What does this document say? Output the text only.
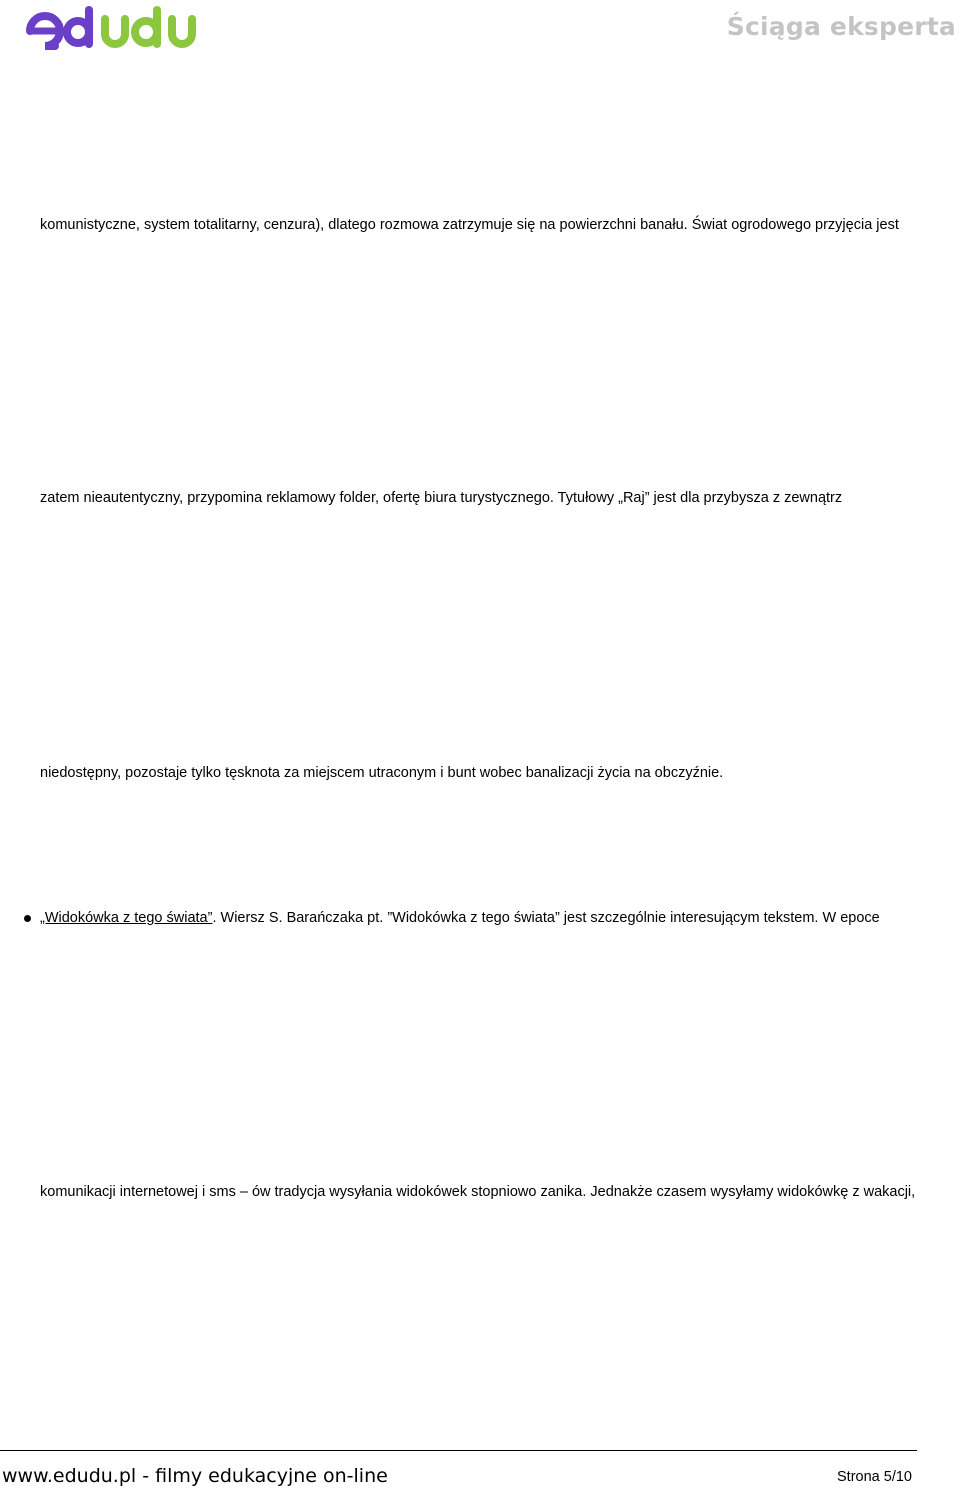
Ściąga eksperta
komunistyczne, system totalitarny, cenzura), dlatego rozmowa zatrzymuje się na powierzchni banału. Świat ogrodowego przyjęcia jest
zatem nieautentyczny, przypomina reklamowy folder, ofertę biura turystycznego. Tytułowy „Raj” jest dla przybysza z zewnątrz
niedostępny, pozostaje tylko tęsknota za miejscem utraconym i bunt wobec banalizacji życia na obczyźnie.
„Widokówka z tego świata”. Wiersz S. Barańczaka pt. ”Widokówka z tego świata” jest szczególnie interesującym tekstem. W epoce
komunikacji internetowej i sms – ów tradycja wysyłania widokówek stopniowo zanika. Jednakże czasem wysyłamy widokówkę z wakacji,
www.edudu.pl - filmy edukacyjne on-line	Strona 5/10
